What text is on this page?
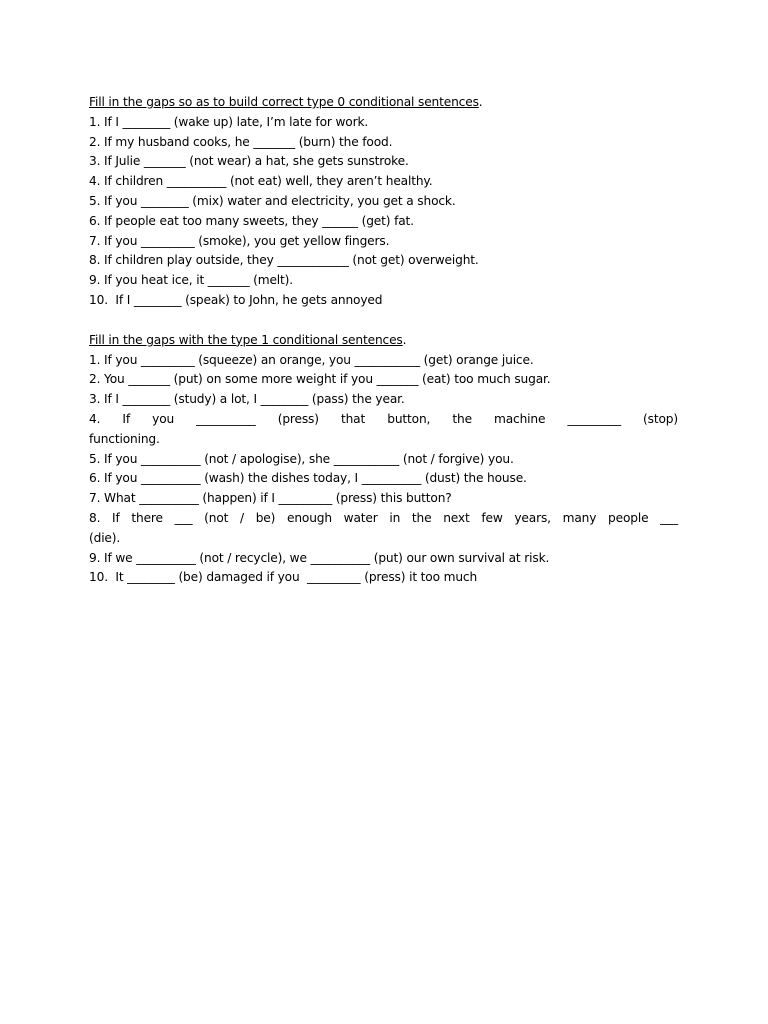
Fill in the gaps so as to build correct type 0 conditional sentences.
1. If I ________ (wake up) late, I’m late for work.
2. If my husband cooks, he _______ (burn) the food.
3. If Julie _______ (not wear) a hat, she gets sunstroke.
4. If children __________ (not eat) well, they aren’t healthy.
5. If you ________ (mix) water and electricity, you get a shock.
6. If people eat too many sweets, they ______ (get) fat.
7. If you _________ (smoke), you get yellow fingers.
8. If children play outside, they ____________ (not get) overweight.
9. If you heat ice, it _______ (melt).
10.  If I ________ (speak) to John, he gets annoyed
Fill in the gaps with the type 1 conditional sentences.
1. If you _________ (squeeze) an orange, you ___________ (get) orange juice.
2. You _______ (put) on some more weight if you _______ (eat) too much sugar.
3. If I ________ (study) a lot, I ________ (pass) the year.
4. If you __________ (press) that button, the machine _________ (stop)
functioning.
5. If you __________ (not / apologise), she ___________ (not / forgive) you.
6. If you __________ (wash) the dishes today, I __________ (dust) the house.
7. What __________ (happen) if I _________ (press) this button?
8. If there ___ (not / be) enough water in the next few years, many people ___
(die).
9. If we __________ (not / recycle), we __________ (put) our own survival at risk.
10.  It ________ (be) damaged if you  _________ (press) it too much
